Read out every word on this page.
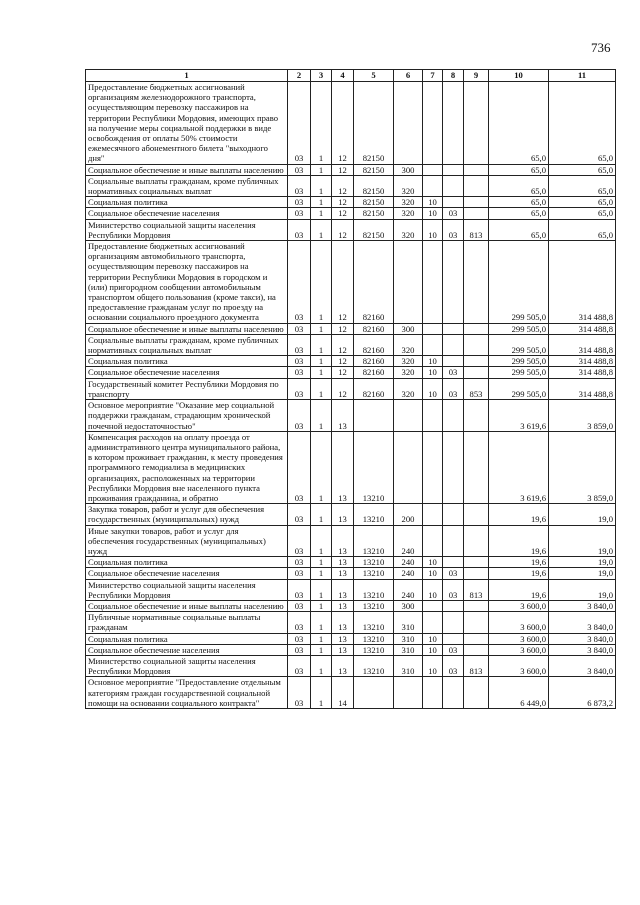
736
1	2	3	4	5	6	7	8	9	10	11
Предоставление бюджетных ассигнований организациям железнодорожного транспорта, осуществляющим перевозку пассажиров на территории Республики Мордовия, имеющих право на получение меры социальной поддержки в виде освобождения от оплаты 50% стоимости ежемесячного абонементного билета "выходного дня"	03	1	12	82150					65,0	65,0
Социальное обеспечение и иные выплаты населению	03	1	12	82150	300				65,0	65,0
Социальные выплаты гражданам, кроме публичных нормативных социальных выплат	03	1	12	82150	320				65,0	65,0
Социальная политика	03	1	12	82150	320	10			65,0	65,0
Социальное обеспечение населения	03	1	12	82150	320	10	03		65,0	65,0
Министерство социальной защиты населения Республики Мордовия	03	1	12	82150	320	10	03	813	65,0	65,0
Предоставление бюджетных ассигнований организациям автомобильного транспорта, осуществляющим перевозку пассажиров на территории Республики Мордовия в городском и (или) пригородном сообщении автомобильным транспортом общего пользования (кроме такси), на предоставление гражданам услуг по проезду на основании социального проездного документа	03	1	12	82160					299 505,0	314 488,8
Социальное обеспечение и иные выплаты населению	03	1	12	82160	300				299 505,0	314 488,8
Социальные выплаты гражданам, кроме публичных нормативных социальных выплат	03	1	12	82160	320				299 505,0	314 488,8
Социальная политика	03	1	12	82160	320	10			299 505,0	314 488,8
Социальное обеспечение населения	03	1	12	82160	320	10	03		299 505,0	314 488,8
Государственный комитет Республики Мордовия по транспорту	03	1	12	82160	320	10	03	853	299 505,0	314 488,8
Основное мероприятие "Оказание мер социальной поддержки гражданам, страдающим хронической почечной недостаточностью"	03	1	13						3 619,6	3 859,0
Компенсация расходов на оплату проезда от административного центра муниципального района, в котором проживает гражданин, к месту проведения программного гемодиализа в медицинских организациях, расположенных на территории Республики Мордовия вне населенного пункта проживания гражданина, и обратно	03	1	13	13210					3 619,6	3 859,0
Закупка товаров, работ и услуг для обеспечения государственных (муниципальных) нужд	03	1	13	13210	200				19,6	19,0
Иные закупки товаров, работ и услуг для обеспечения государственных (муниципальных) нужд	03	1	13	13210	240				19,6	19,0
Социальная политика	03	1	13	13210	240	10			19,6	19,0
Социальное обеспечение населения	03	1	13	13210	240	10	03		19,6	19,0
Министерство социальной защиты населения Республики Мордовия	03	1	13	13210	240	10	03	813	19,6	19,0
Социальное обеспечение и иные выплаты населению	03	1	13	13210	300				3 600,0	3 840,0
Публичные нормативные социальные выплаты гражданам	03	1	13	13210	310				3 600,0	3 840,0
Социальная политика	03	1	13	13210	310	10			3 600,0	3 840,0
Социальное обеспечение населения	03	1	13	13210	310	10	03		3 600,0	3 840,0
Министерство социальной защиты населения Республики Мордовия	03	1	13	13210	310	10	03	813	3 600,0	3 840,0
Основное мероприятие "Предоставление отдельным категориям граждан государственной социальной помощи на основании социального контракта"	03	1	14						6 449,0	6 873,2
